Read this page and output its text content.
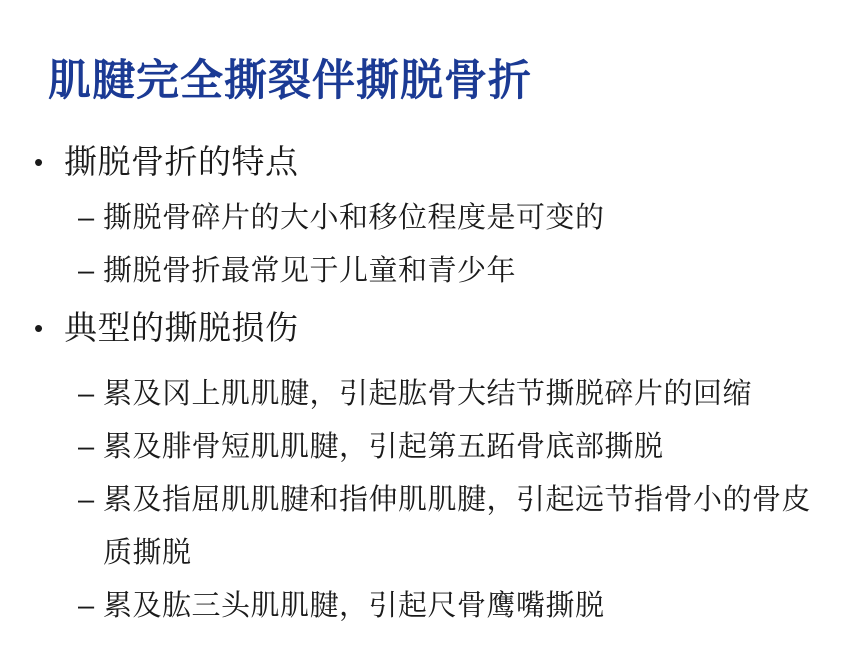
肌腱完全撕裂伴撕脱骨折
• 撕脱骨折的特点
– 撕脱骨碎片的大小和移位程度是可变的
– 撕脱骨折最常见于儿童和青少年
• 典型的撕脱损伤
– 累及冈上肌肌腱，引起肱骨大结节撕脱碎片的回缩
– 累及腓骨短肌肌腱，引起第五跖骨底部撕脱
– 累及指屈肌肌腱和指伸肌肌腱，引起远节指骨小的骨皮质撕脱
– 累及肱三头肌肌腱，引起尺骨鹰嘴撕脱
